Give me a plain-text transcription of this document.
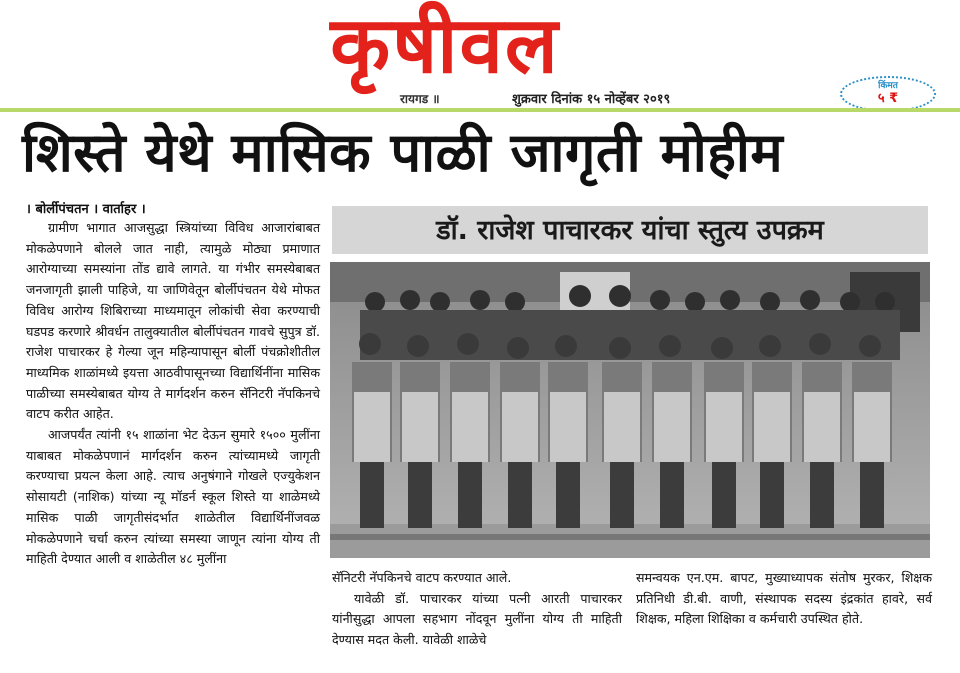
कृषीवल
रायगड ॥	शुक्रवार दिनांक १५ नोव्हेंबर २०१९
किंमत
५ ₹
शिस्ते येथे मासिक पाळी जागृती मोहीम
। बोर्लीपंचतन । वार्ताहर ।

ग्रामीण भागात आजसुद्धा स्त्रियांच्या विविध आजारांबाबत मोकळेपणाने बोलले जात नाही, त्यामुळे मोठ्या प्रमाणात आरोग्याच्या समस्यांना तोंड द्यावे लागते. या गंभीर समस्येबाबत जनजागृती झाली पाहिजे, या जाणिवेतून बोर्लीपंचतन येथे मोफत विविध आरोग्य शिबिराच्या माध्यमातून लोकांची सेवा करण्याची घडपड करणारे श्रीवर्धन तालुक्यातील बोर्लीपंचतन गावचे सुपुत्र डॉ. राजेश पाचारकर हे गेल्या जून महिन्यापासून बोर्ली पंचक्रोशीतील माध्यमिक शाळांमध्ये इयत्ता आठवीपासूनच्या विद्यार्थिनींना मासिक पाळीच्या समस्येबाबत योग्य ते मार्गदर्शन करुन सॅनिटरी नॅपकिनचे वाटप करीत आहेत.

आजपर्यंत त्यांनी १५ शाळांना भेट देऊन सुमारे १५०० मुलींना याबाबत मोकळेपणानं मार्गदर्शन करुन त्यांच्यामध्ये जागृती करण्याचा प्रयत्न केला आहे. त्याच अनुषंगाने गोखले एज्युकेशन सोसायटी (नाशिक) यांच्या न्यू मॉडर्न स्कूल शिस्ते या शाळेमध्ये मासिक पाळी जागृतीसंदर्भात शाळेतील विद्यार्थिनींजवळ मोकळेपणाने चर्चा करुन त्यांच्या समस्या जाणून त्यांना योग्य ती माहिती देण्यात आली व शाळेतील ४८ मुलींना

डॉ. राजेश पाचारकर यांचा स्तुत्य उपक्रम

सॅनिटरी नॅपकिनचे वाटप करण्यात आले.

यावेळी डॉ. पाचारकर यांच्या पत्नी आरती पाचारकर यांनीसुद्धा आपला सहभाग नोंदवून मुलींना योग्य ती माहिती देण्यास मदत केली. यावेळी शाळेचे

समन्वयक एन.एम. बापट, मुख्याध्यापक संतोष मुरकर, शिक्षक प्रतिनिधी डी.बी. वाणी, संस्थापक सदस्य इंद्रकांत हावरे, सर्व शिक्षक, महिला शिक्षिका व कर्मचारी उपस्थित होते.
